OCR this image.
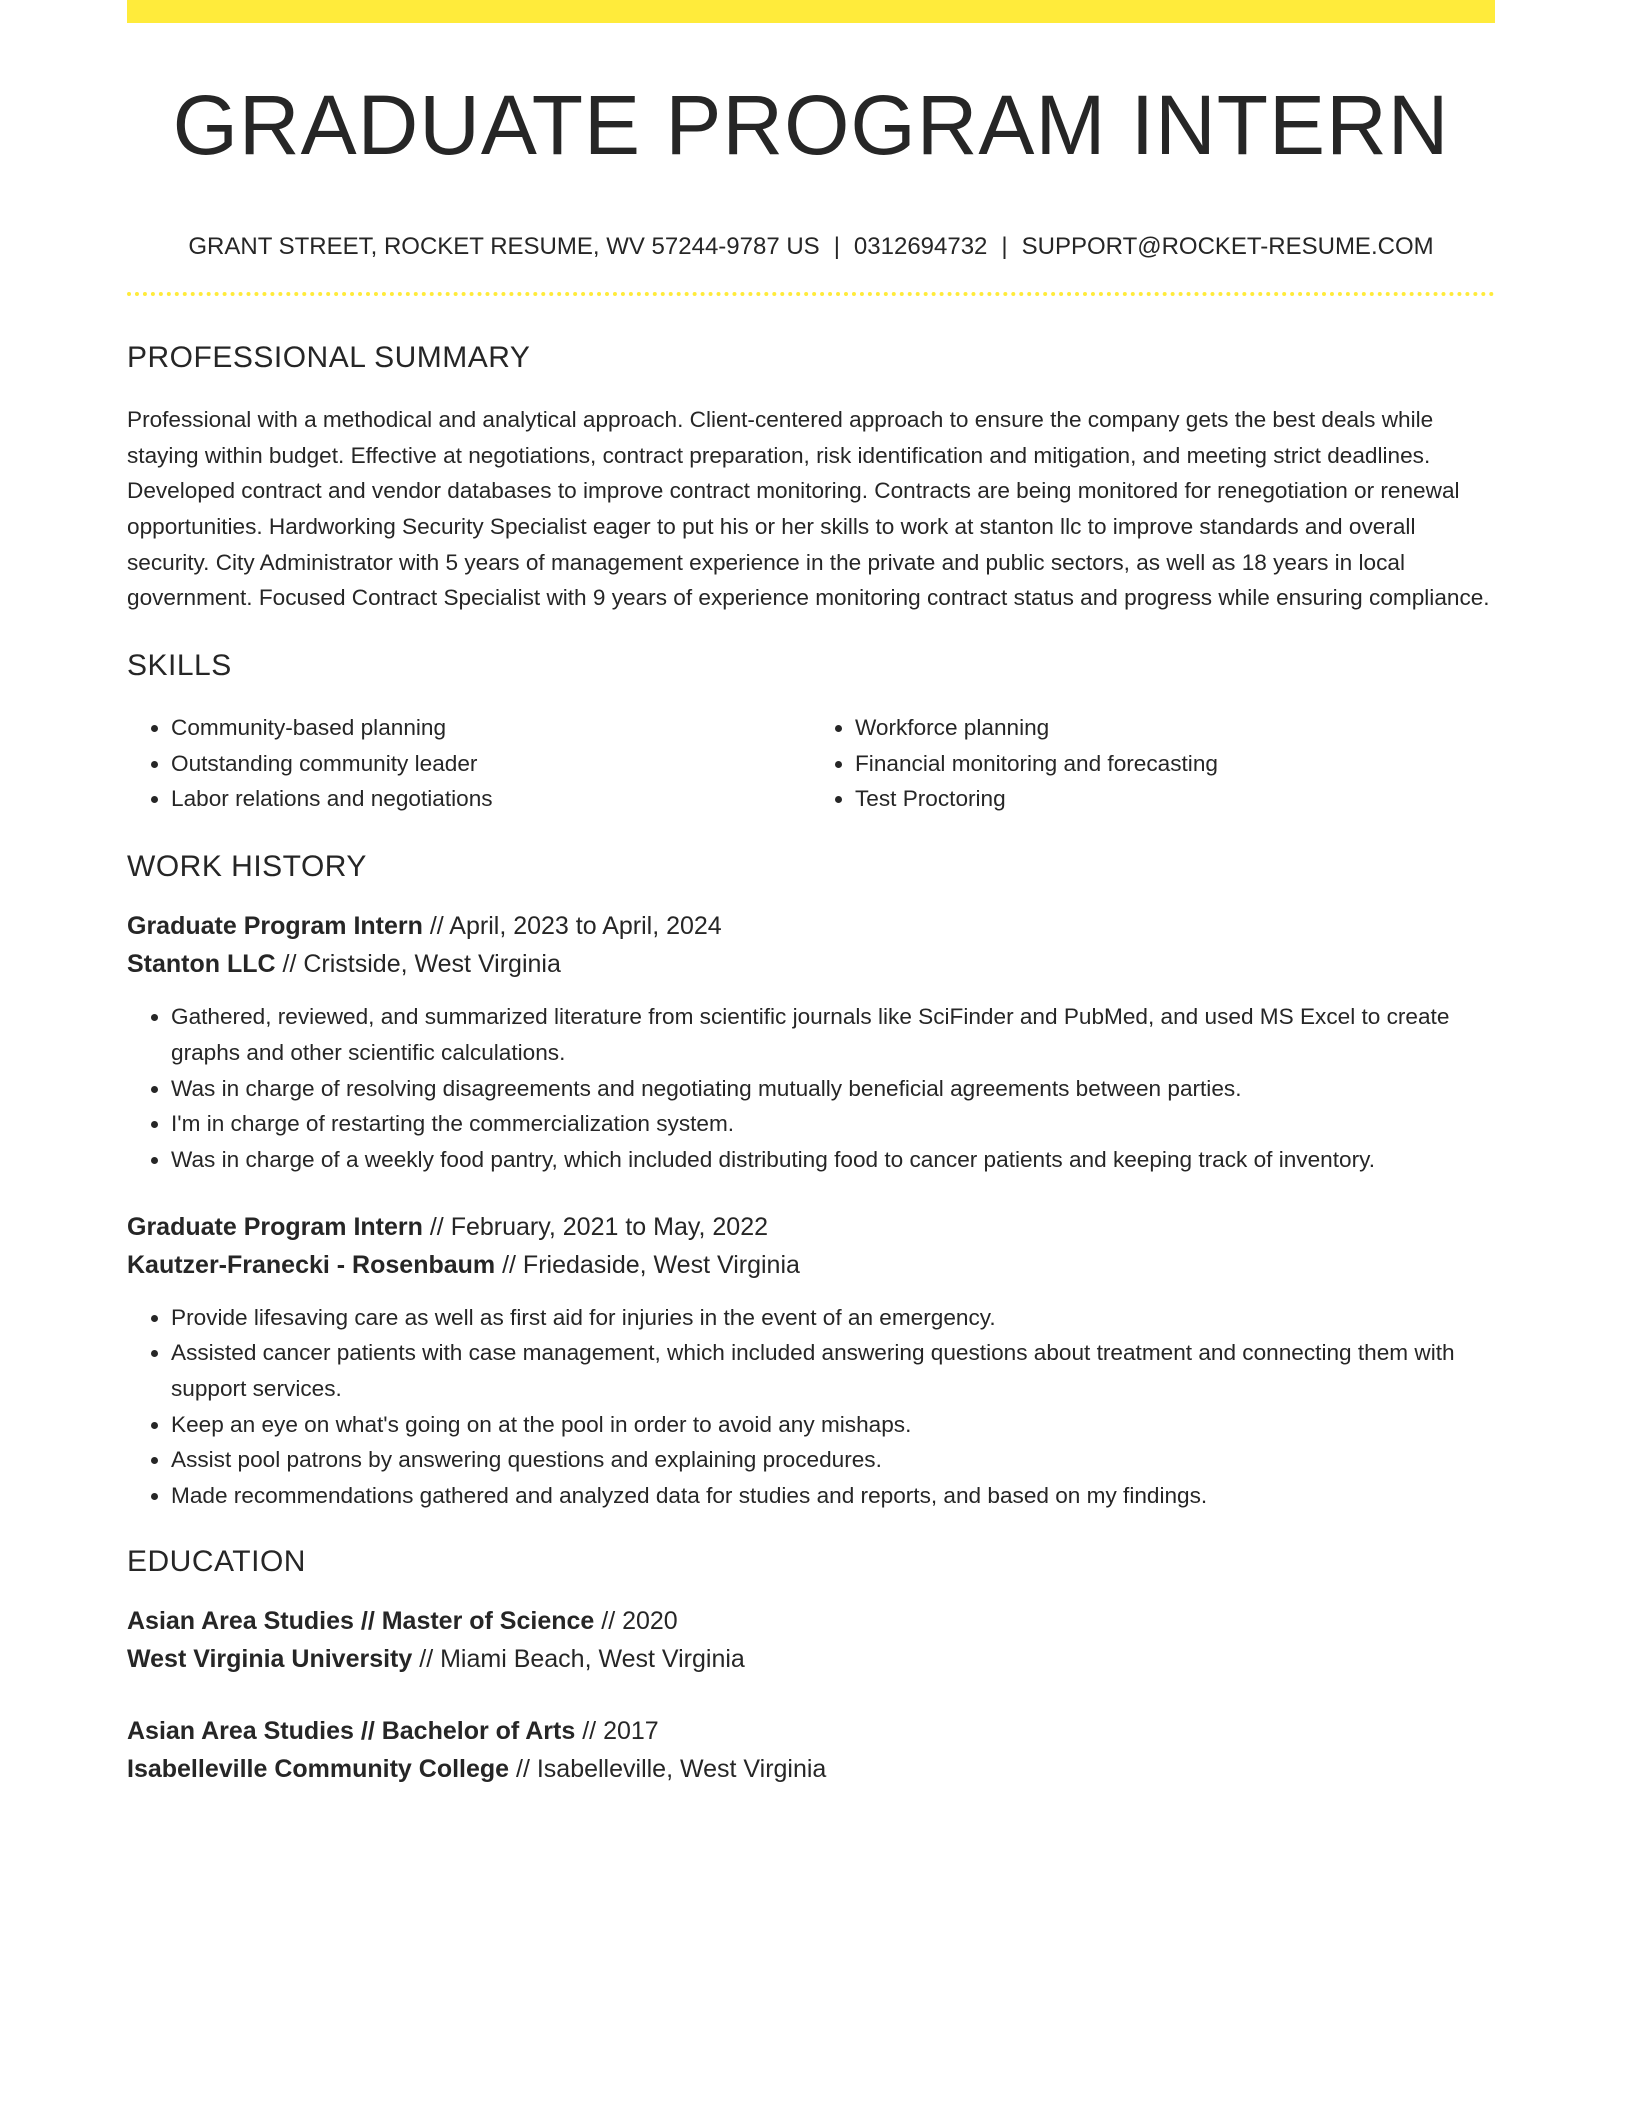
GRADUATE PROGRAM INTERN
GRANT STREET, ROCKET RESUME, WV 57244-9787 US | 0312694732 | SUPPORT@ROCKET-RESUME.COM
PROFESSIONAL SUMMARY

Professional with a methodical and analytical approach. Client-centered approach to ensure the company gets the best deals while staying within budget. Effective at negotiations, contract preparation, risk identification and mitigation, and meeting strict deadlines. Developed contract and vendor databases to improve contract monitoring. Contracts are being monitored for renegotiation or renewal opportunities. Hardworking Security Specialist eager to put his or her skills to work at stanton llc to improve standards and overall security. City Administrator with 5 years of management experience in the private and public sectors, as well as 18 years in local government. Focused Contract Specialist with 9 years of experience monitoring contract status and progress while ensuring compliance.

SKILLS
• Community-based planning
• Outstanding community leader
• Labor relations and negotiations
• Workforce planning
• Financial monitoring and forecasting
• Test Proctoring
WORK HISTORY
Graduate Program Intern // April, 2023 to April, 2024
Stanton LLC // Cristside, West Virginia
• Gathered, reviewed, and summarized literature from scientific journals like SciFinder and PubMed, and used MS Excel to create graphs and other scientific calculations.
• Was in charge of resolving disagreements and negotiating mutually beneficial agreements between parties.
• I'm in charge of restarting the commercialization system.
• Was in charge of a weekly food pantry, which included distributing food to cancer patients and keeping track of inventory.
Graduate Program Intern // February, 2021 to May, 2022
Kautzer-Franecki - Rosenbaum // Friedaside, West Virginia
• Provide lifesaving care as well as first aid for injuries in the event of an emergency.
• Assisted cancer patients with case management, which included answering questions about treatment and connecting them with support services.
• Keep an eye on what's going on at the pool in order to avoid any mishaps.
• Assist pool patrons by answering questions and explaining procedures.
• Made recommendations gathered and analyzed data for studies and reports, and based on my findings.
EDUCATION
Asian Area Studies // Master of Science // 2020
West Virginia University // Miami Beach, West Virginia
Asian Area Studies // Bachelor of Arts // 2017
Isabelleville Community College // Isabelleville, West Virginia
